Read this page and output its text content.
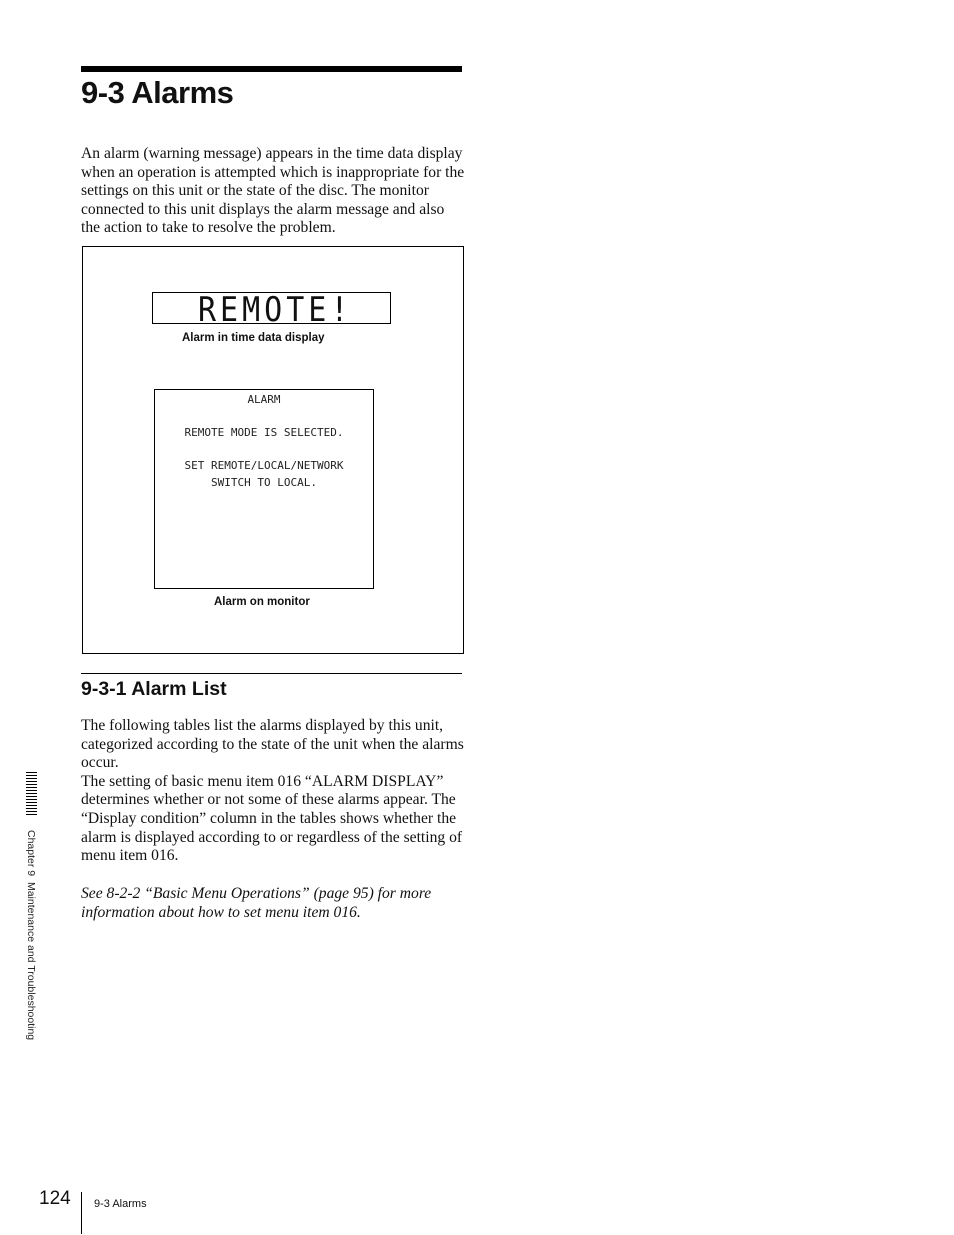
9-3 Alarms

An alarm (warning message) appears in the time data display when an operation is attempted which is inappropriate for the settings on this unit or the state of the disc. The monitor connected to this unit displays the alarm message and also the action to take to resolve the problem.

REMOTE!
Alarm in time data display
ALARM
REMOTE MODE IS SELECTED.
SET REMOTE/LOCAL/NETWORK
SWITCH TO LOCAL.
Alarm on monitor
9-3-1 Alarm List

The following tables list the alarms displayed by this unit, categorized according to the state of the unit when the alarms occur.

The setting of basic menu item 016 “ALARM DISPLAY” determines whether or not some of these alarms appear. The “Display condition” column in the tables shows whether the alarm is displayed according to or regardless of the setting of menu item 016.

See 8-2-2 “Basic Menu Operations” (page 95) for more information about how to set menu item 016.

Chapter 9  Maintenance and Troubleshooting
124 9-3 Alarms
